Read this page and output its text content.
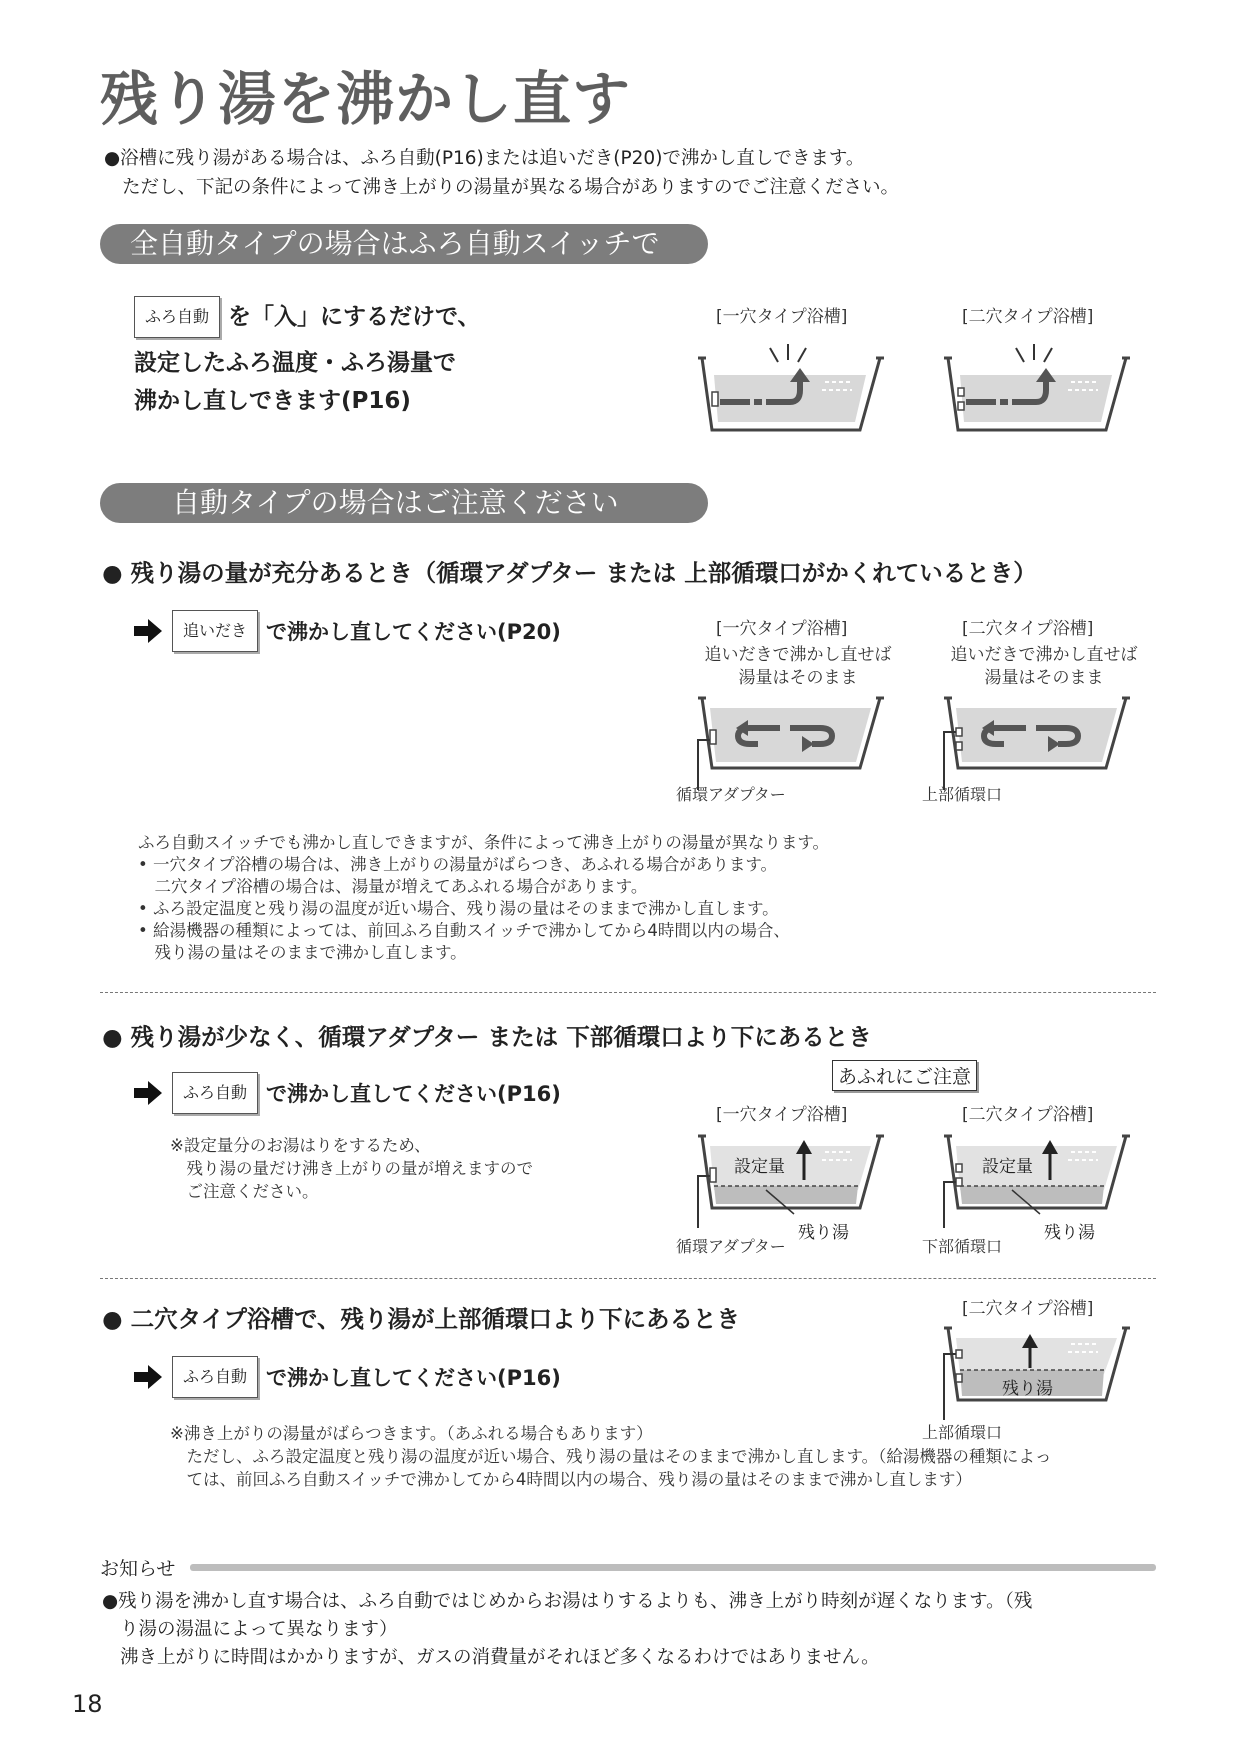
残り湯を沸かし直す
●浴槽に残り湯がある場合は、ふろ自動(P16)または追いだき(P20)で沸かし直しできます。
ただし、下記の条件によって沸き上がりの湯量が異なる場合がありますのでご注意ください。
全自動タイプの場合はふろ自動スイッチで
ふろ自動 を「入」にするだけで、
設定したふろ温度・ふろ湯量で
沸かし直しできます(P16)
[一穴タイプ浴槽]	[二穴タイプ浴槽]
自動タイプの場合はご注意ください
● 残り湯の量が充分あるとき（循環アダプター または 上部循環口がかくれているとき）
追いだき で沸かし直してください(P20)	[一穴タイプ浴槽]	[二穴タイプ浴槽]
追いだきで沸かし直せば
湯量はそのまま
追いだきで沸かし直せば
湯量はそのまま
循環アダプター	上部循環口
ふろ自動スイッチでも沸かし直しできますが、条件によって沸き上がりの湯量が異なります。
• 一穴タイプ浴槽の場合は、沸き上がりの湯量がばらつき、あふれる場合があります。
　二穴タイプ浴槽の場合は、湯量が増えてあふれる場合があります。
• ふろ設定温度と残り湯の温度が近い場合、残り湯の量はそのままで沸かし直します。
• 給湯機器の種類によっては、前回ふろ自動スイッチで沸かしてから4時間以内の場合、
　残り湯の量はそのままで沸かし直します。
● 残り湯が少なく、循環アダプター または 下部循環口より下にあるとき
ふろ自動 で沸かし直してください(P16)
※設定量分のお湯はりをするため、
　残り湯の量だけ沸き上がりの量が増えますので
　ご注意ください。
あふれにご注意
[一穴タイプ浴槽]	[二穴タイプ浴槽]
設定量
残り湯
循環アダプター
設定量
残り湯
下部循環口
● 二穴タイプ浴槽で、残り湯が上部循環口より下にあるとき
ふろ自動 で沸かし直してください(P16)
[二穴タイプ浴槽]
残り湯
上部循環口
※沸き上がりの湯量がばらつきます。（あふれる場合もあります）
　ただし、ふろ設定温度と残り湯の温度が近い場合、残り湯の量はそのままで沸かし直します。（給湯機器の種類によっ
　ては、前回ふろ自動スイッチで沸かしてから4時間以内の場合、残り湯の量はそのままで沸かし直します）
お知らせ
●残り湯を沸かし直す場合は、ふろ自動ではじめからお湯はりするよりも、沸き上がり時刻が遅くなります。（残
り湯の湯温によって異なります）
沸き上がりに時間はかかりますが、ガスの消費量がそれほど多くなるわけではありません。
18
